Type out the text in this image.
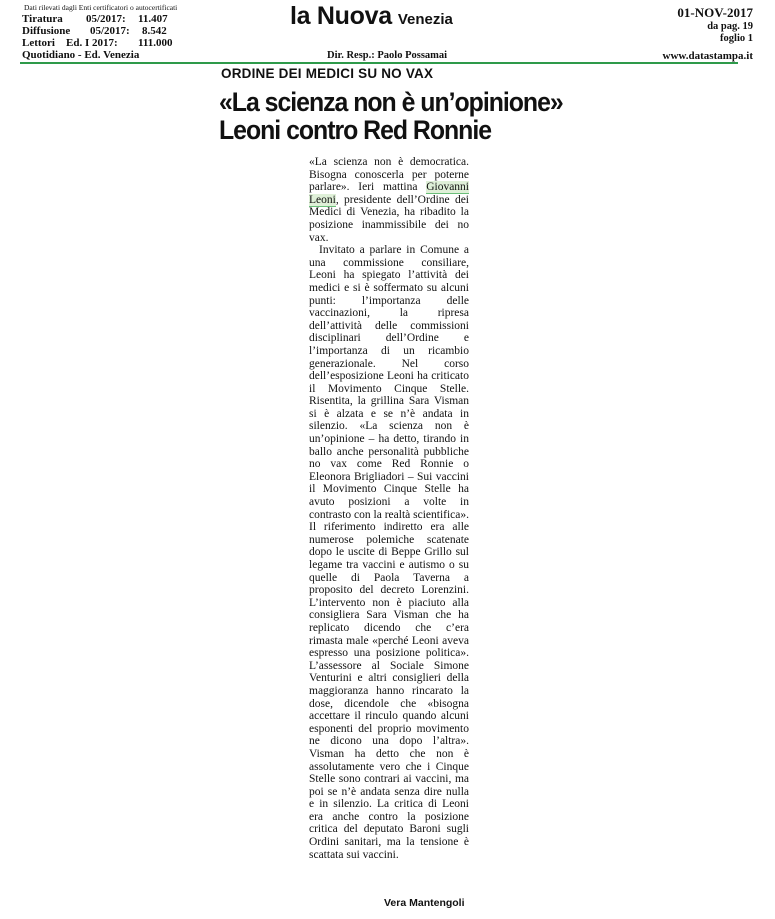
Dati rilevati dagli Enti certificatori o autocertificati
Tiratura	05/2017:	11.407
Diffusione	05/2017:	8.542
Lettori	Ed. I 2017:	111.000
Quotidiano - Ed. Venezia
la Nuova Venezia
Dir. Resp.: Paolo Possamai
01-NOV-2017
da pag. 19
foglio 1
www.datastampa.it
ORDINE DEI MEDICI SU NO VAX
«La scienza non è un’opinione»
Leoni contro Red Ronnie

«La scienza non è democratica. Bisogna conoscerla per poterne parlare». Ieri mattina Giovanni Leoni, presidente dell’Ordine dei Medici di Venezia, ha ribadito la posizione inammissibile dei no vax.

Invitato a parlare in Comune a una commissione consiliare, Leoni ha spiegato l’attività dei medici e si è soffermato su alcuni punti: l’importanza delle vaccinazioni, la ripresa dell’attività delle commissioni disciplinari dell’Ordine e l’importanza di un ricambio generazionale. Nel corso dell’esposizione Leoni ha criticato il Movimento Cinque Stelle. Risentita, la grillina Sara Visman si è alzata e se n’è andata in silenzio. «La scienza non è un’opinione – ha detto, tirando in ballo anche personalità pubbliche no vax come Red Ronnie o Eleonora Brigliadori – Sui vaccini il Movimento Cinque Stelle ha avuto posizioni a volte in contrasto con la realtà scientifica». Il riferimento indiretto era alle numerose polemiche scatenate dopo le uscite di Beppe Grillo sul legame tra vaccini e autismo o su quelle di Paola Taverna a proposito del decreto Lorenzini. L’intervento non è piaciuto alla consigliera Sara Visman che ha replicato dicendo che c’era rimasta male «perché Leoni aveva espresso una posizione politica». L’assessore al Sociale Simone Venturini e altri consiglieri della maggioranza hanno rincarato la dose, dicendole che «bisogna accettare il rinculo quando alcuni esponenti del proprio movimento ne dicono una dopo l’altra». Visman ha detto che non è assolutamente vero che i Cinque Stelle sono contrari ai vaccini, ma poi se n’è andata senza dire nulla e in silenzio. La critica di Leoni era anche contro la posizione critica del deputato Baroni sugli Ordini sanitari, ma la tensione è scattata sui vaccini.

Vera Mantengoli
